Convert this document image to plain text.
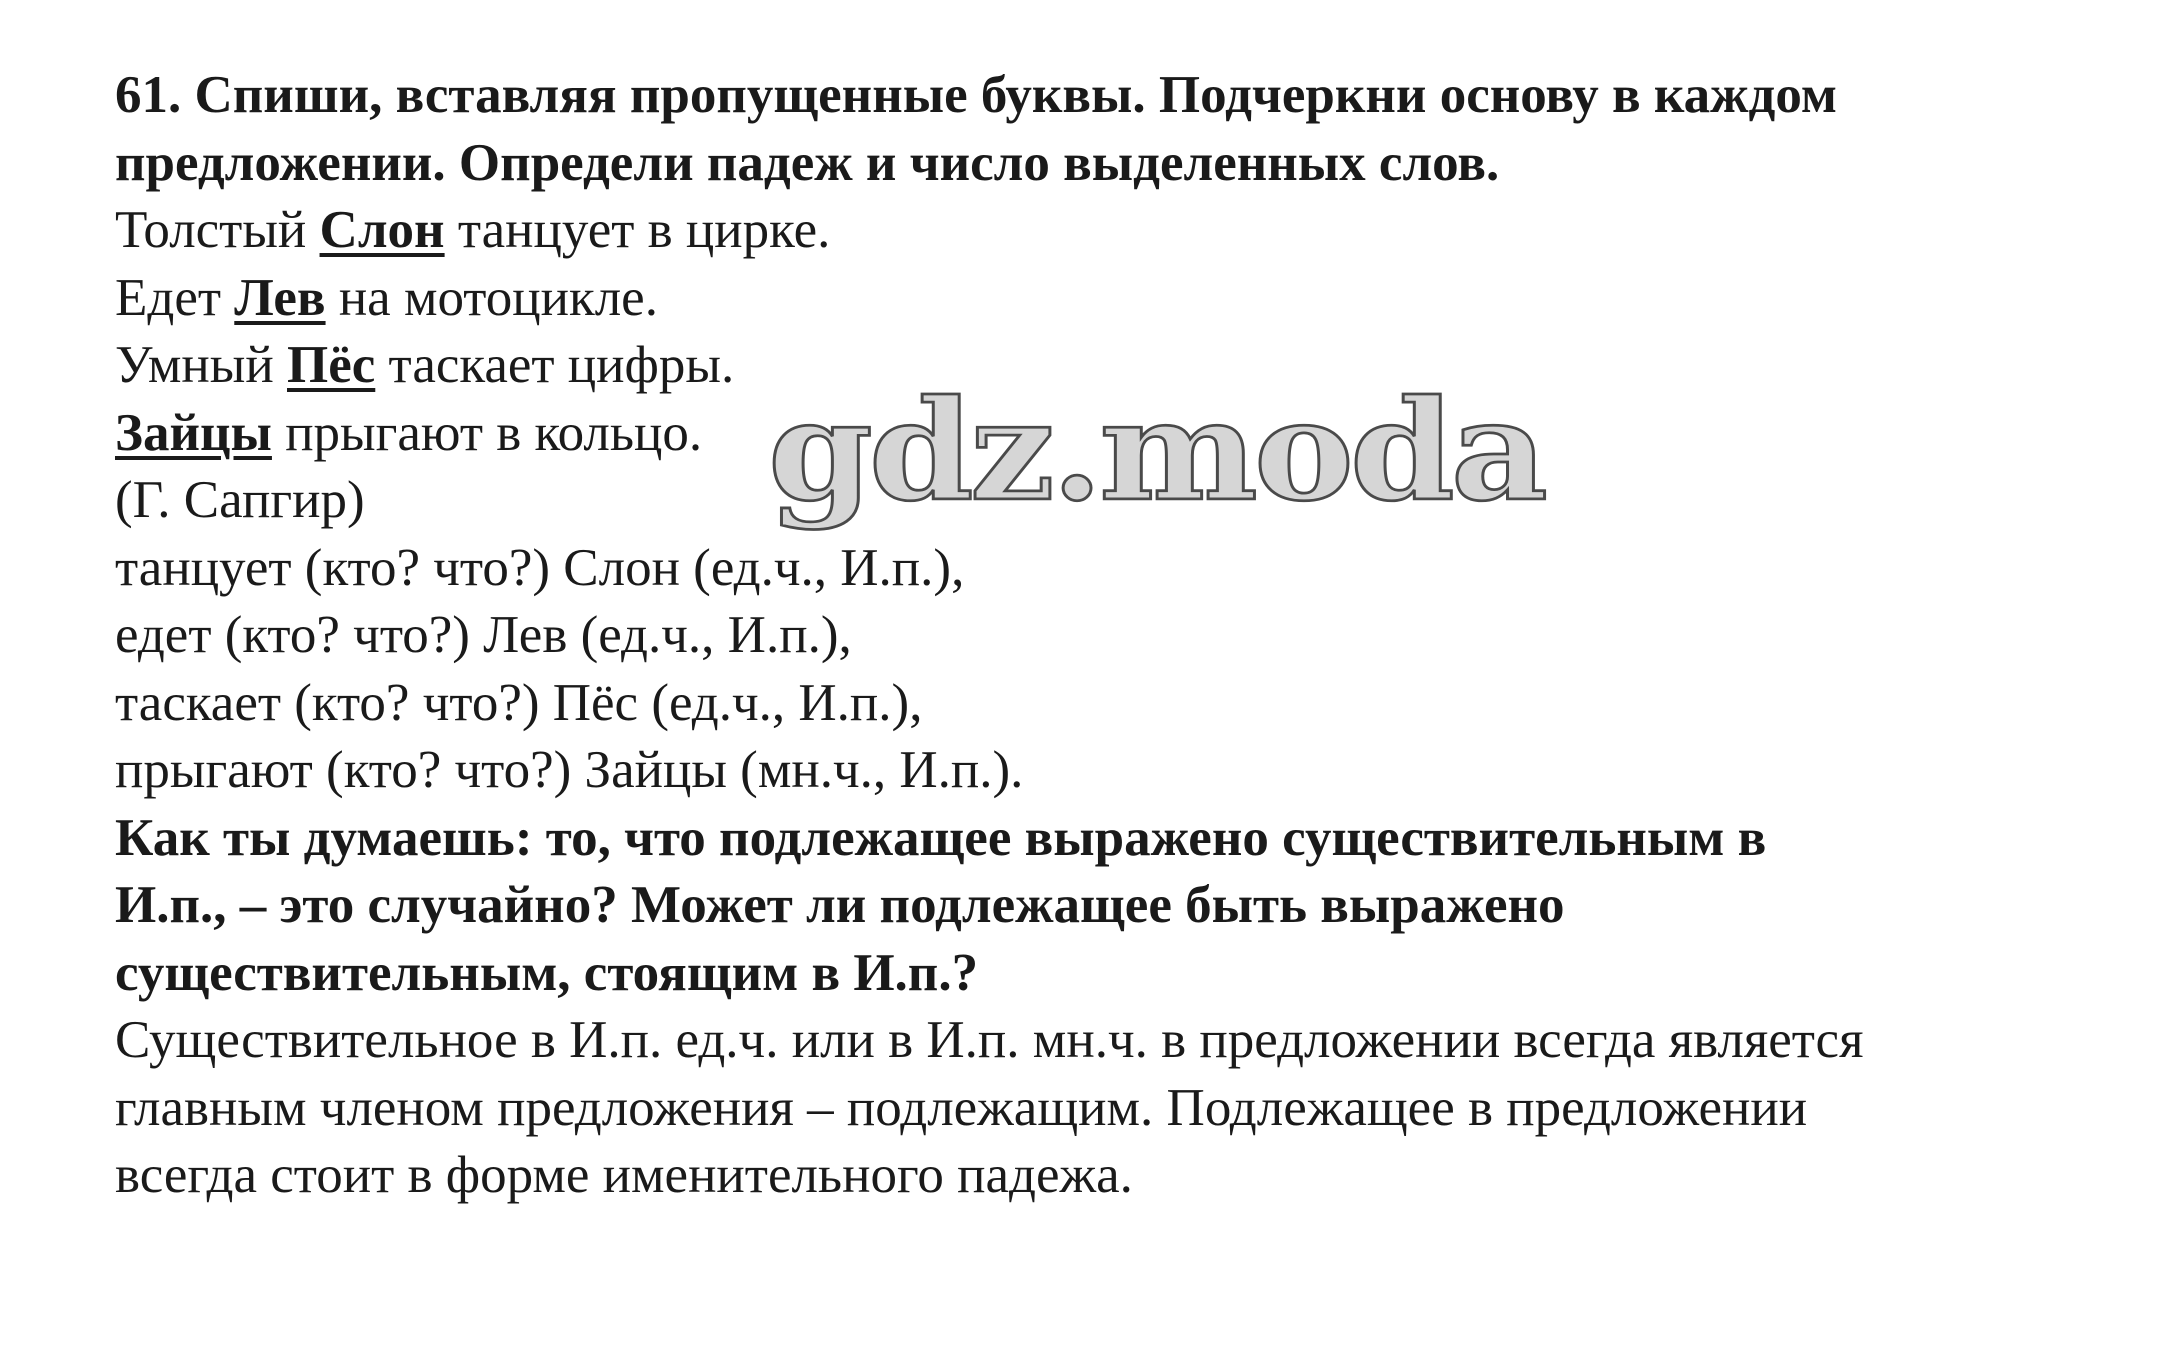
61. Спиши, вставляя пропущенные буквы. Подчеркни основу в каждом
предложении. Определи падеж и число выделенных слов.
Толстый Слон танцует в цирке.
Едет Лев на мотоцикле.
Умный Пёс таскает цифры.
Зайцы прыгают в кольцо.
(Г. Сапгир)
танцует (кто? что?) Слон (ед.ч., И.п.),
едет (кто? что?) Лев (ед.ч., И.п.),
таскает (кто? что?) Пёс (ед.ч., И.п.),
прыгают (кто? что?) Зайцы (мн.ч., И.п.).
Как ты думаешь: то, что подлежащее выражено существительным в
И.п., – это случайно? Может ли подлежащее быть выражено
существительным, стоящим в И.п.?
Существительное в И.п. ед.ч. или в И.п. мн.ч. в предложении всегда является
главным членом предложения – подлежащим. Подлежащее в предложении
всегда стоит в форме именительного падежа.
gdz.moda
